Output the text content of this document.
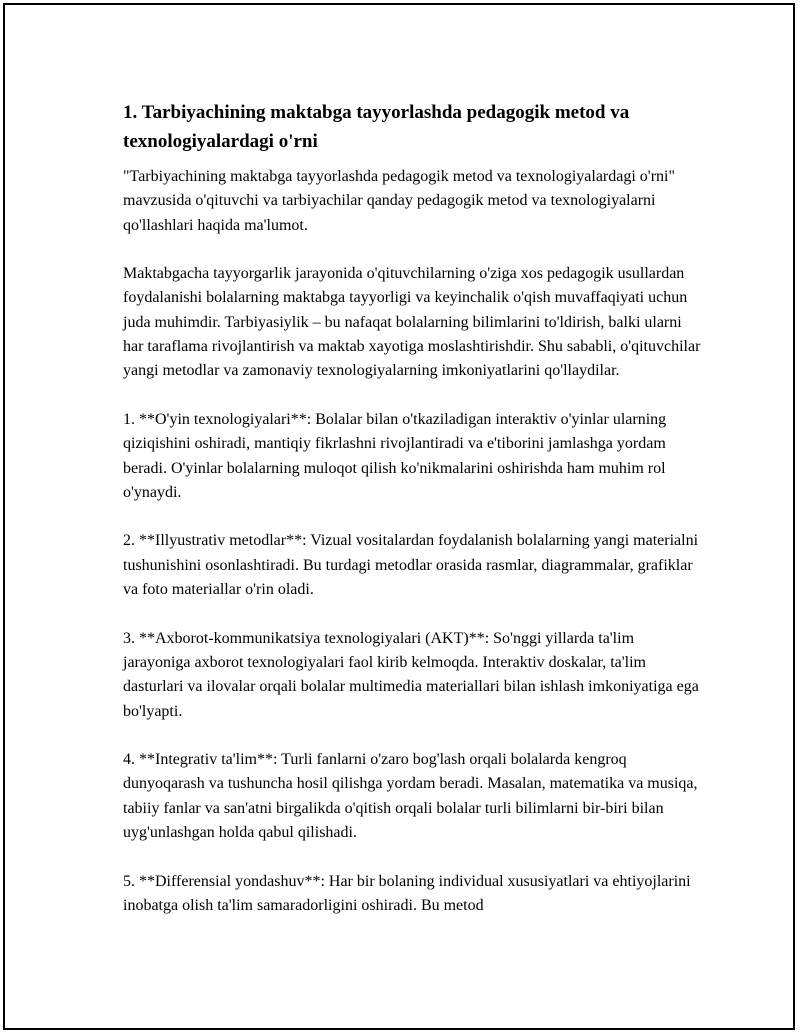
1. Tarbiyachining maktabga tayyorlashda pedagogik metod va texnologiyalardagi o'rni

"Tarbiyachining maktabga tayyorlashda pedagogik metod va texnologiyalardagi o'rni" mavzusida o'qituvchi va tarbiyachilar qanday pedagogik metod va texnologiyalarni qo'llashlari haqida ma'lumot.

Maktabgacha tayyorgarlik jarayonida o'qituvchilarning o'ziga xos pedagogik usullardan foydalanishi bolalarning maktabga tayyorligi va keyinchalik o'qish muvaffaqiyati uchun juda muhimdir. Tarbiyasiylik – bu nafaqat bolalarning bilimlarini to'ldirish, balki ularni har taraflama rivojlantirish va maktab xayotiga moslashtirishdir. Shu sababli, o'qituvchilar yangi metodlar va zamonaviy texnologiyalarning imkoniyatlarini qo'llaydilar.

1. **O'yin texnologiyalari**: Bolalar bilan o'tkaziladigan interaktiv o'yinlar ularning qiziqishini oshiradi, mantiqiy fikrlashni rivojlantiradi va e'tiborini jamlashga yordam beradi. O'yinlar bolalarning muloqot qilish ko'nikmalarini oshirishda ham muhim rol o'ynaydi.

2. **Illyustrativ metodlar**: Vizual vositalardan foydalanish bolalarning yangi materialni tushunishini osonlashtiradi. Bu turdagi metodlar orasida rasmlar, diagrammalar, grafiklar va foto materiallar o'rin oladi.

3. **Axborot-kommunikatsiya texnologiyalari (AKT)**: So'nggi yillarda ta'lim jarayoniga axborot texnologiyalari faol kirib kelmoqda. Interaktiv doskalar, ta'lim dasturlari va ilovalar orqali bolalar multimedia materiallari bilan ishlash imkoniyatiga ega bo'lyapti.

4. **Integrativ ta'lim**: Turli fanlarni o'zaro bog'lash orqali bolalarda kengroq dunyoqarash va tushuncha hosil qilishga yordam beradi. Masalan, matematika va musiqa, tabiiy fanlar va san'atni birgalikda o'qitish orqali bolalar turli bilimlarni bir-biri bilan uyg'unlashgan holda qabul qilishadi.

5. **Differensial yondashuv**: Har bir bolaning individual xususiyatlari va ehtiyojlarini inobatga olish ta'lim samaradorligini oshiradi. Bu metod
